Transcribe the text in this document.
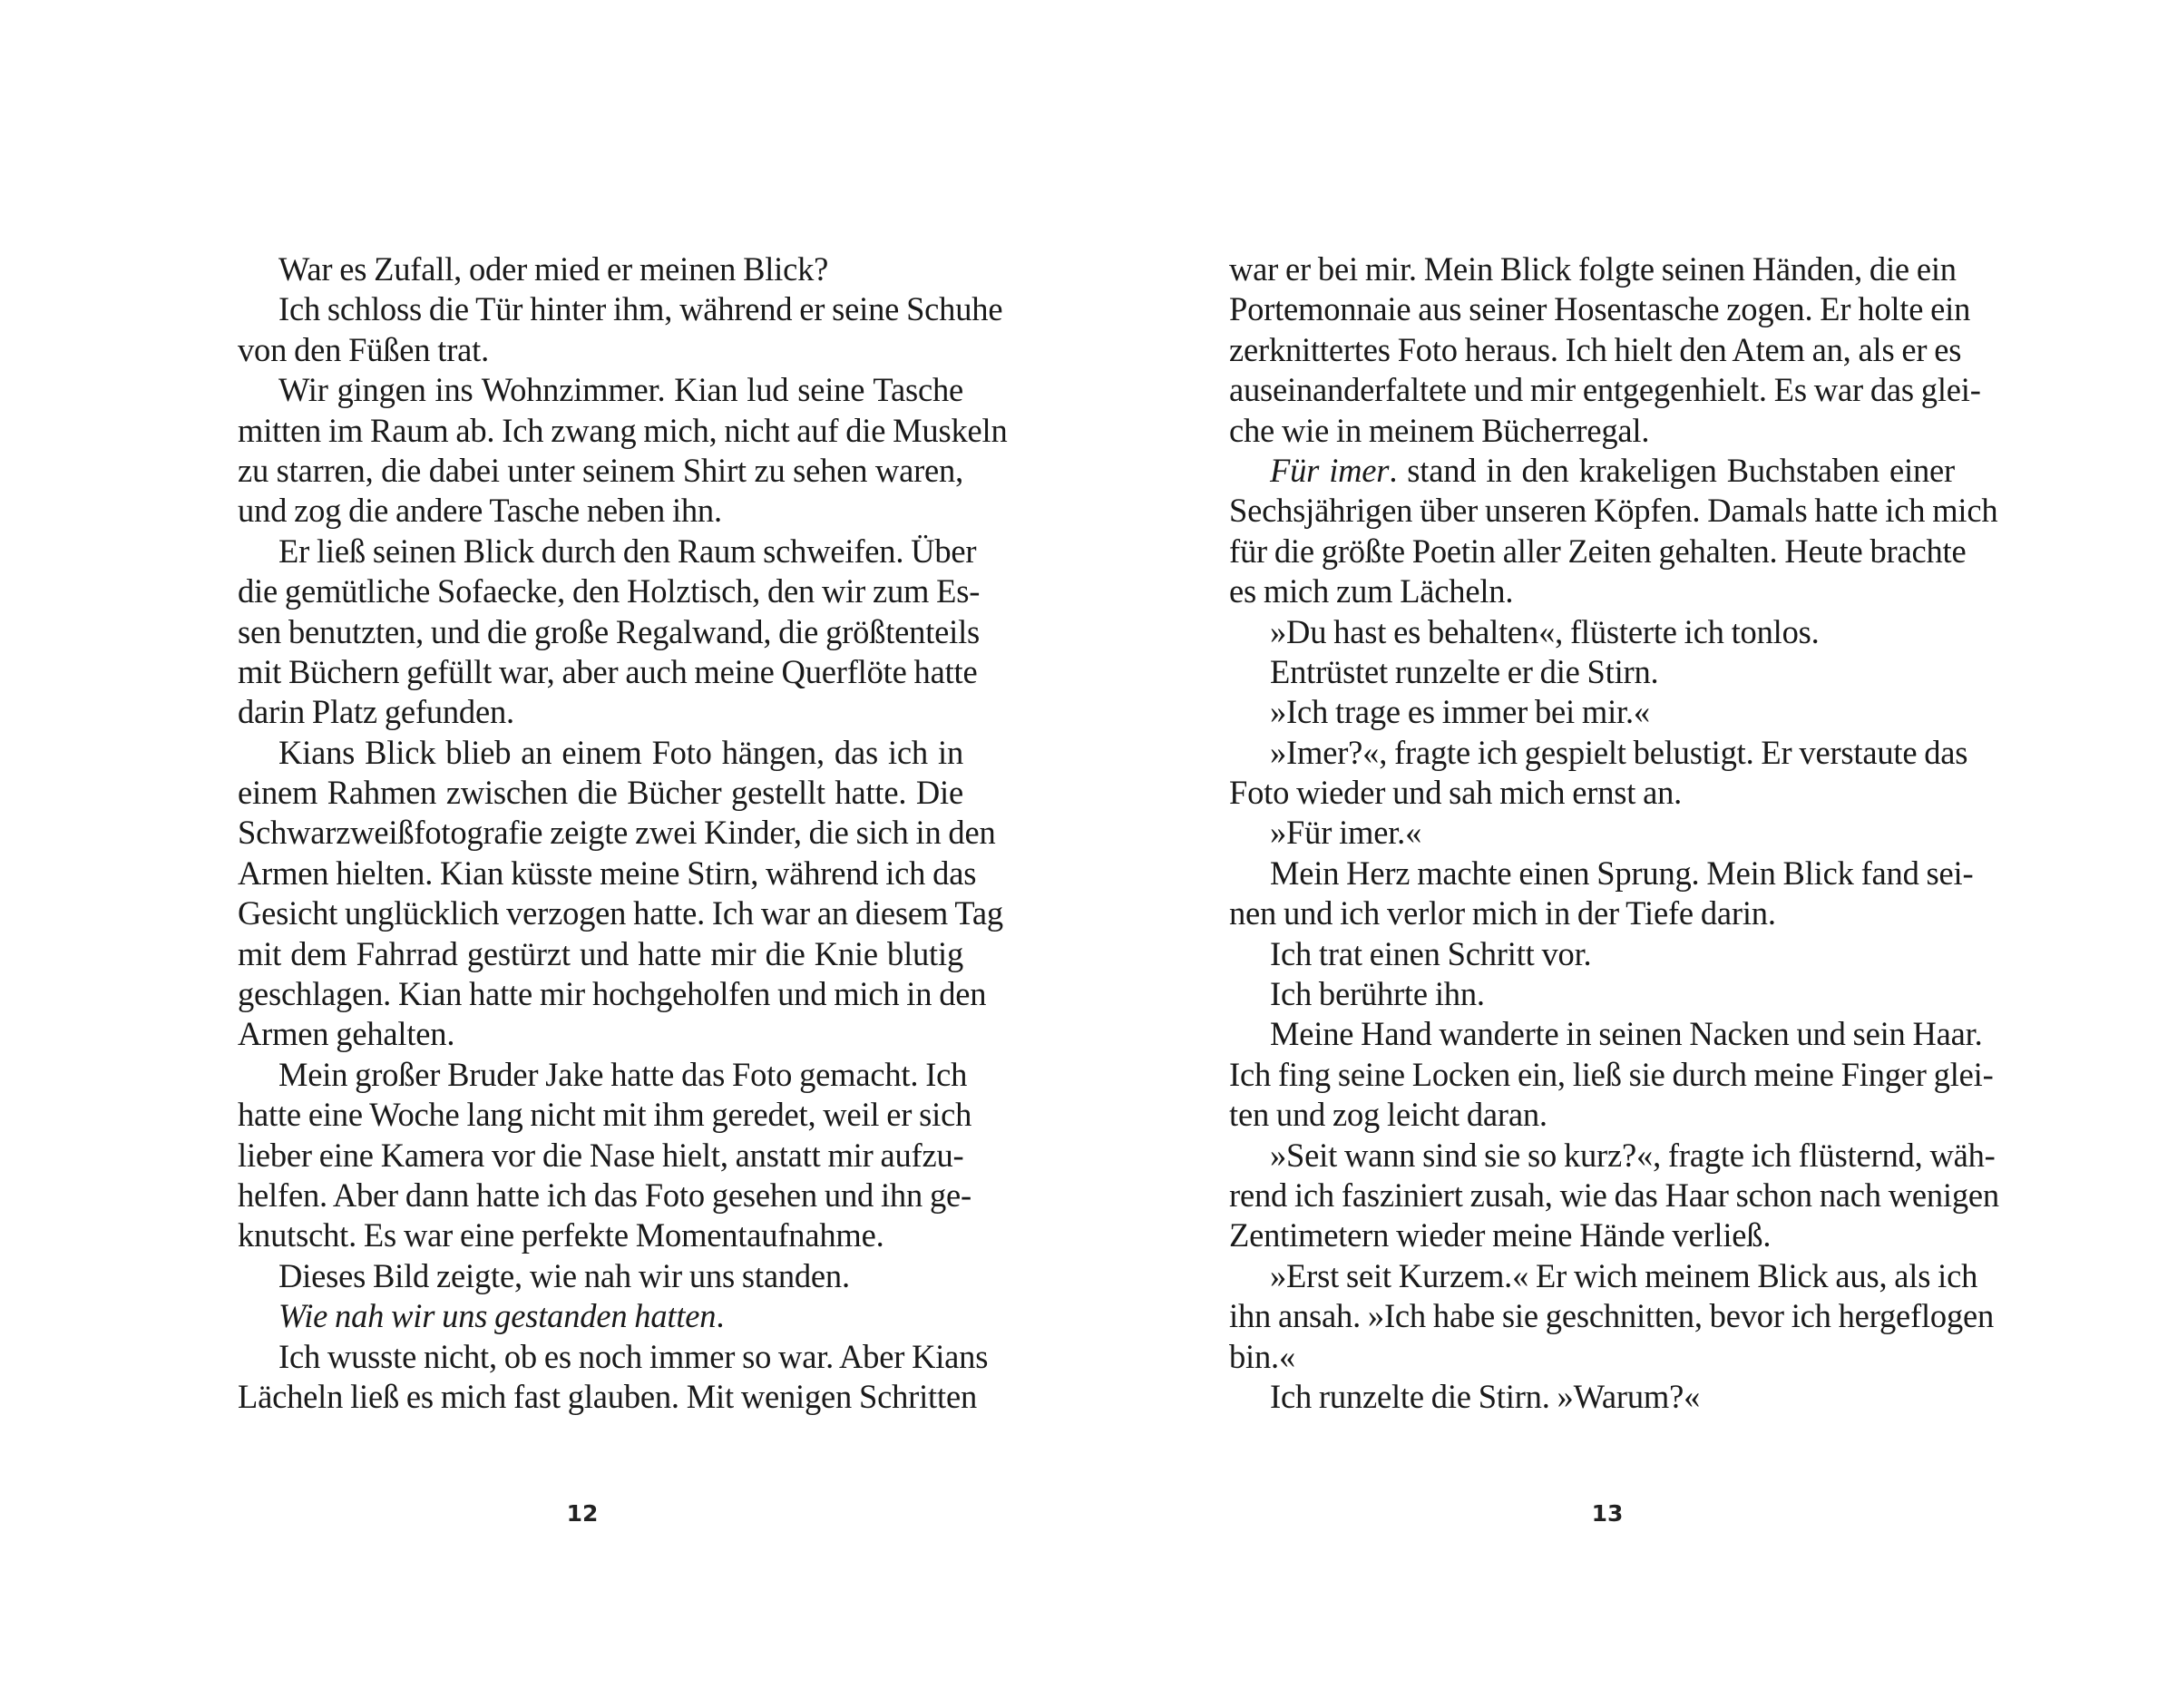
War es Zufall, oder mied er meinen Blick?
Ich schloss die Tür hinter ihm, während er seine Schuhe
von den Füßen trat.
Wir gingen ins Wohnzimmer. Kian lud seine Tasche
mitten im Raum ab. Ich zwang mich, nicht auf die Muskeln
zu starren, die dabei unter seinem Shirt zu sehen waren,
und zog die andere Tasche neben ihn.
Er ließ seinen Blick durch den Raum schweifen. Über
die gemütliche Sofaecke, den Holztisch, den wir zum Es-
sen benutzten, und die große Regalwand, die größtenteils
mit Büchern gefüllt war, aber auch meine Querflöte hatte
darin Platz gefunden.
Kians Blick blieb an einem Foto hängen, das ich in
einem Rahmen zwischen die Bücher gestellt hatte. Die
Schwarzweißfotografie zeigte zwei Kinder, die sich in den
Armen hielten. Kian küsste meine Stirn, während ich das
Gesicht unglücklich verzogen hatte. Ich war an diesem Tag
mit dem Fahrrad gestürzt und hatte mir die Knie blutig
geschlagen. Kian hatte mir hochgeholfen und mich in den
Armen gehalten.
Mein großer Bruder Jake hatte das Foto gemacht. Ich
hatte eine Woche lang nicht mit ihm geredet, weil er sich
lieber eine Kamera vor die Nase hielt, anstatt mir aufzu-
helfen. Aber dann hatte ich das Foto gesehen und ihn ge-
knutscht. Es war eine perfekte Momentaufnahme.
Dieses Bild zeigte, wie nah wir uns standen.
Wie nah wir uns gestanden hatten.
Ich wusste nicht, ob es noch immer so war. Aber Kians
Lächeln ließ es mich fast glauben. Mit wenigen Schritten
12
war er bei mir. Mein Blick folgte seinen Händen, die ein
Portemonnaie aus seiner Hosentasche zogen. Er holte ein
zerknittertes Foto heraus. Ich hielt den Atem an, als er es
auseinanderfaltete und mir entgegenhielt. Es war das glei-
che wie in meinem Bücherregal.
Für imer. stand in den krakeligen Buchstaben einer
Sechsjährigen über unseren Köpfen. Damals hatte ich mich
für die größte Poetin aller Zeiten gehalten. Heute brachte
es mich zum Lächeln.
»Du hast es behalten«, flüsterte ich tonlos.
Entrüstet runzelte er die Stirn.
»Ich trage es immer bei mir.«
»Imer?«, fragte ich gespielt belustigt. Er verstaute das
Foto wieder und sah mich ernst an.
»Für imer.«
Mein Herz machte einen Sprung. Mein Blick fand sei-
nen und ich verlor mich in der Tiefe darin.
Ich trat einen Schritt vor.
Ich berührte ihn.
Meine Hand wanderte in seinen Nacken und sein Haar.
Ich fing seine Locken ein, ließ sie durch meine Finger glei-
ten und zog leicht daran.
»Seit wann sind sie so kurz?«, fragte ich flüsternd, wäh-
rend ich fasziniert zusah, wie das Haar schon nach wenigen
Zentimetern wieder meine Hände verließ.
»Erst seit Kurzem.« Er wich meinem Blick aus, als ich
ihn ansah. »Ich habe sie geschnitten, bevor ich hergeflogen
bin.«
Ich runzelte die Stirn. »Warum?«
13
